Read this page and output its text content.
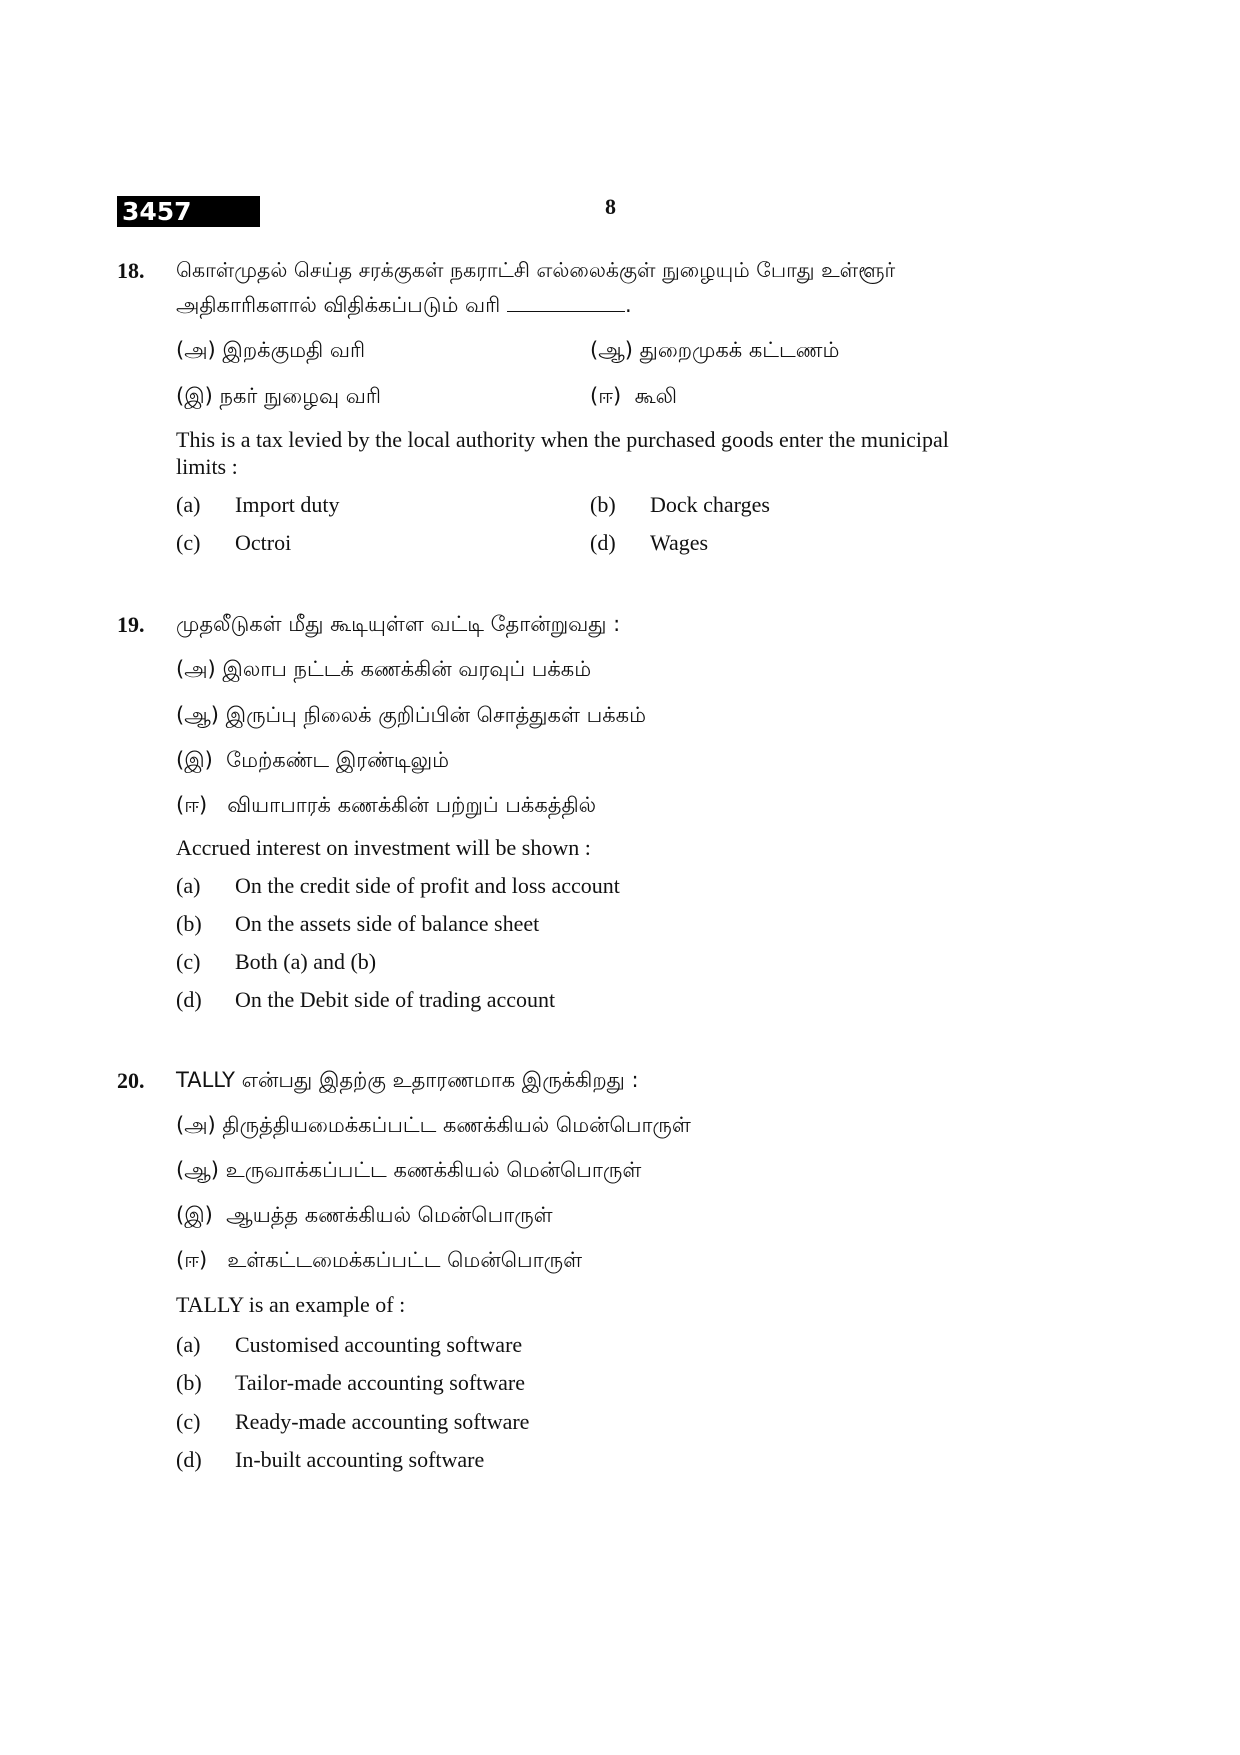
3457 (NS)
8
18. கொள்முதல் செய்த சரக்குகள் நகராட்சி எல்லைக்குள் நுழையும் போது உள்ளூர்
அதிகாரிகளால் விதிக்கப்படும் வரி	.
(அ) இறக்குமதி வரி	(ஆ) துறைமுகக் கட்டணம்
(இ) நகர் நுழைவு வரி	(ஈ) கூலி
This is a tax levied by the local authority when the purchased goods enter the municipal
limits :
(a) Import duty	(b) Dock charges
(c) Octroi	(d) Wages
19. முதலீடுகள் மீது கூடியுள்ள வட்டி தோன்றுவது :
(அ) இலாப நட்டக் கணக்கின் வரவுப் பக்கம்
(ஆ) இருப்பு நிலைக் குறிப்பின் சொத்துகள் பக்கம்
(இ) மேற்கண்ட இரண்டிலும்
(ஈ) வியாபாரக் கணக்கின் பற்றுப் பக்கத்தில்
Accrued interest on investment will be shown :
(a) On the credit side of profit and loss account
(b) On the assets side of balance sheet
(c) Both (a) and (b)
(d) On the Debit side of trading account
20. TALLY என்பது இதற்கு உதாரணமாக இருக்கிறது :
(அ) திருத்தியமைக்கப்பட்ட கணக்கியல் மென்பொருள்
(ஆ) உருவாக்கப்பட்ட கணக்கியல் மென்பொருள்
(இ) ஆயத்த கணக்கியல் மென்பொருள்
(ஈ) உள்கட்டமைக்கப்பட்ட மென்பொருள்
TALLY is an example of :
(a) Customised accounting software
(b) Tailor-made accounting software
(c) Ready-made accounting software
(d) In-built accounting software
